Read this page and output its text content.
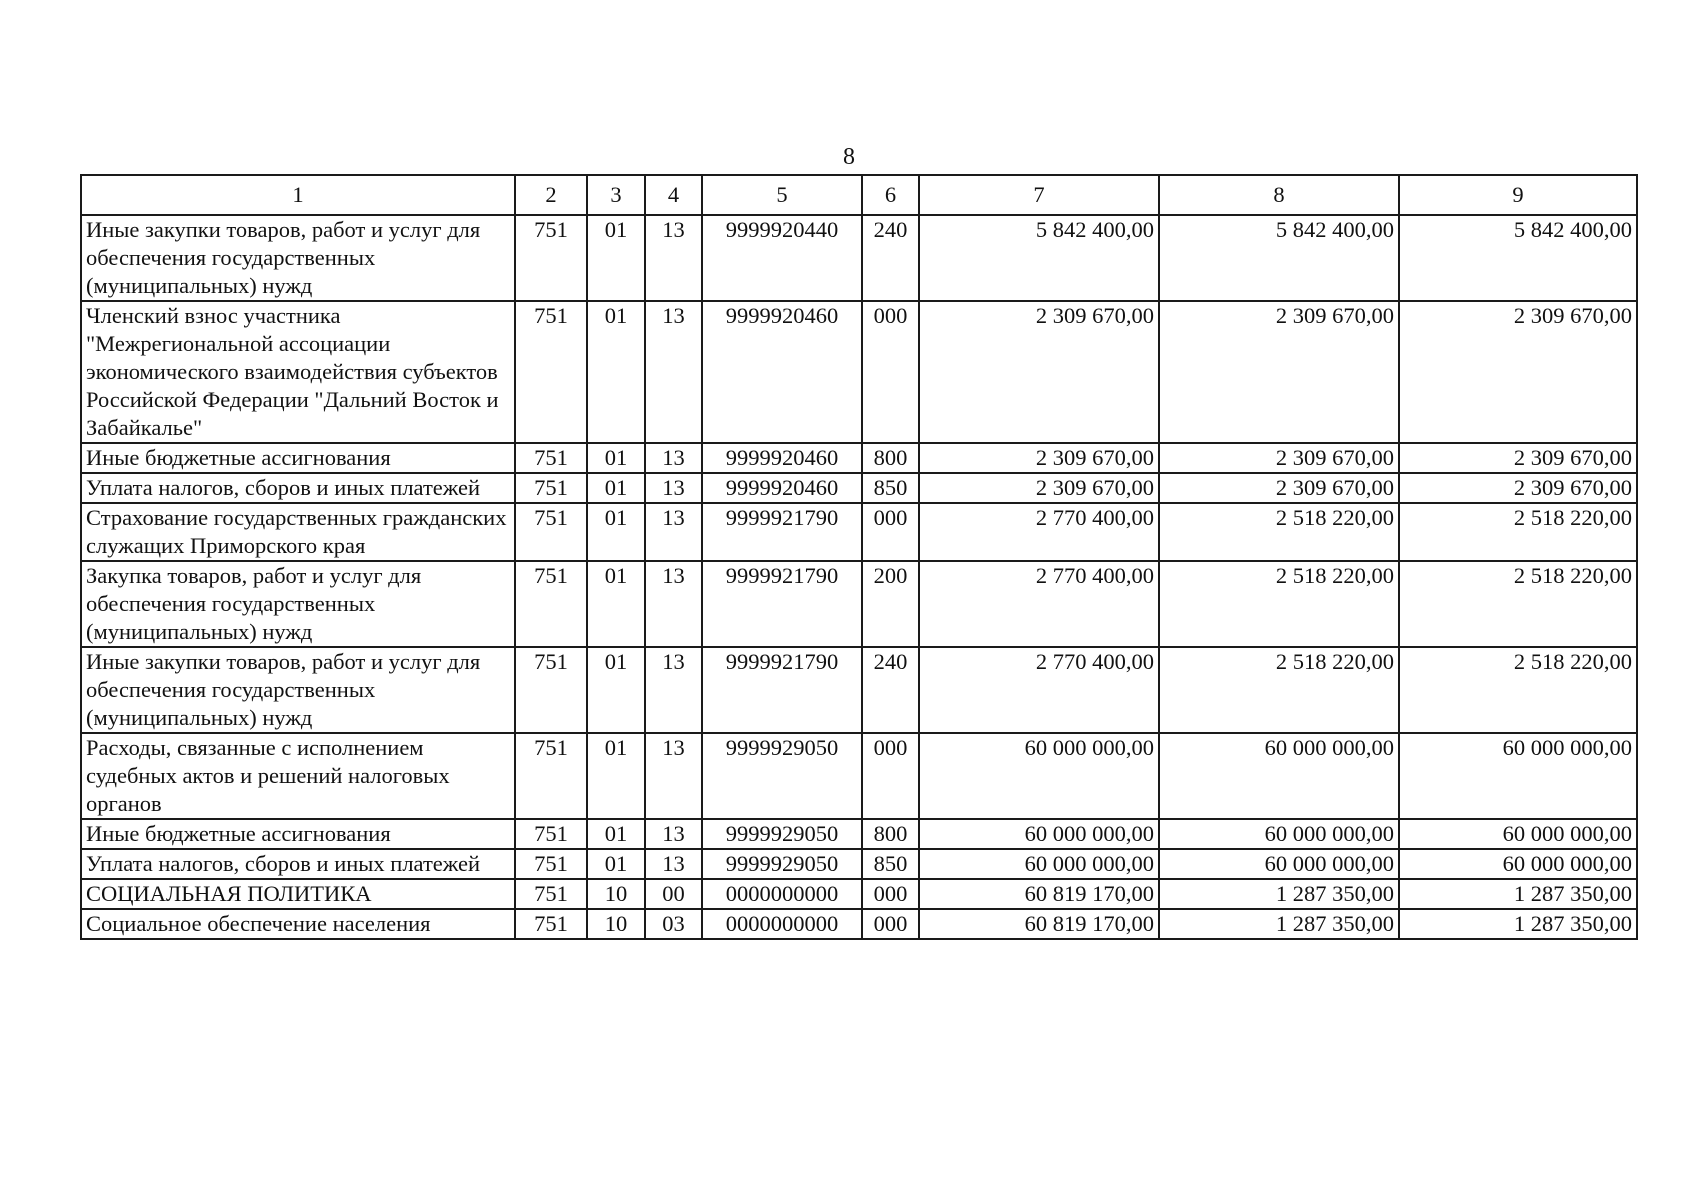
8
1	2	3	4	5	6	7	8	9
Иные закупки товаров, работ и услуг для обеспечения государственных (муниципальных) нужд	751	01	13	9999920440	240	5 842 400,00	5 842 400,00	5 842 400,00
Членский взнос участника "Межрегиональной ассоциации экономического взаимодействия субъектов Российской Федерации "Дальний Восток и Забайкалье"	751	01	13	9999920460	000	2 309 670,00	2 309 670,00	2 309 670,00
Иные бюджетные ассигнования	751	01	13	9999920460	800	2 309 670,00	2 309 670,00	2 309 670,00
Уплата налогов, сборов и иных платежей	751	01	13	9999920460	850	2 309 670,00	2 309 670,00	2 309 670,00
Страхование государственных гражданских служащих Приморского края	751	01	13	9999921790	000	2 770 400,00	2 518 220,00	2 518 220,00
Закупка товаров, работ и услуг для обеспечения государственных (муниципальных) нужд	751	01	13	9999921790	200	2 770 400,00	2 518 220,00	2 518 220,00
Иные закупки товаров, работ и услуг для обеспечения государственных (муниципальных) нужд	751	01	13	9999921790	240	2 770 400,00	2 518 220,00	2 518 220,00
Расходы, связанные с исполнением судебных актов и решений налоговых органов	751	01	13	9999929050	000	60 000 000,00	60 000 000,00	60 000 000,00
Иные бюджетные ассигнования	751	01	13	9999929050	800	60 000 000,00	60 000 000,00	60 000 000,00
Уплата налогов, сборов и иных платежей	751	01	13	9999929050	850	60 000 000,00	60 000 000,00	60 000 000,00
СОЦИАЛЬНАЯ ПОЛИТИКА	751	10	00	0000000000	000	60 819 170,00	1 287 350,00	1 287 350,00
Социальное обеспечение населения	751	10	03	0000000000	000	60 819 170,00	1 287 350,00	1 287 350,00
